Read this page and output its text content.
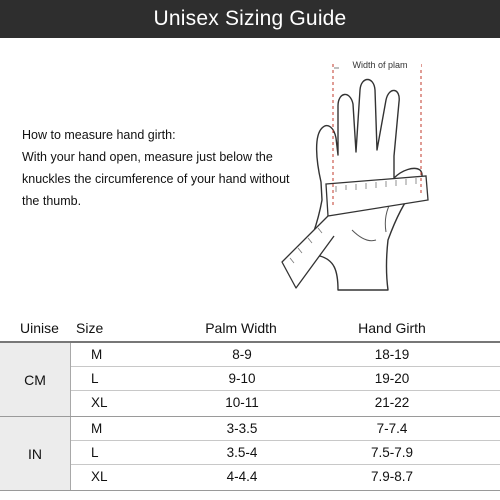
Unisex Sizing Guide
How to measure hand girth:
With your hand open, measure just below the knuckles the circumference of your hand without the thumb.
Width of plam
Uinise Size	Palm Width	Hand Girth
CM
M	8-9	18-19
L	9-10	19-20
XL	10-11	21-22
IN
M	3-3.5	7-7.4
L	3.5-4	7.5-7.9
XL	4-4.4	7.9-8.7
